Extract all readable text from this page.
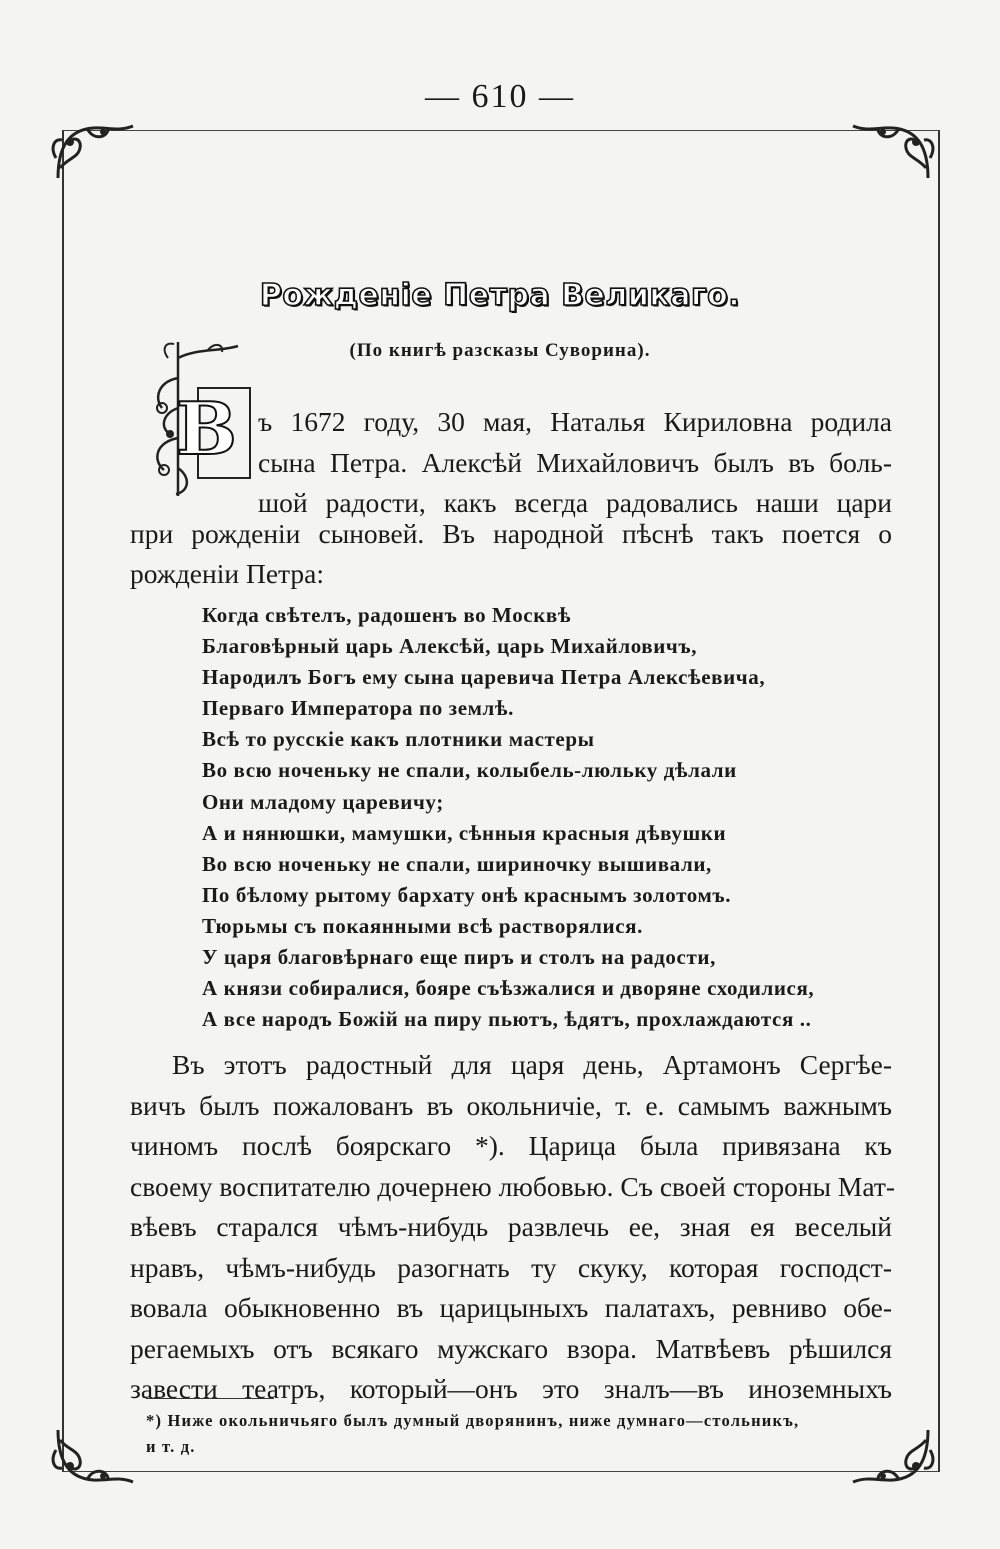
— 610 —
Рожденіе Петра Великаго.
(По книгѣ разсказы Суворина).
В ъ 1672 году, 30 мая, Наталья Кириловна родила
сына Петра. Алексѣй Михайловичъ былъ въ боль-
шой радости, какъ всегда радовались наши цари
при рожденіи сыновей. Въ народной пѣснѣ такъ поется о
рожденіи Петра:
Когда свѣтелъ, радошенъ во Москвѣ
Благовѣрный царь Алексѣй, царь Михайловичъ,
Народилъ Богъ ему сына царевича Петра Алексѣевича,
Перваго Императора по землѣ.
Всѣ то русскіе какъ плотники мастеры
Во всю ноченьку не спали, колыбель-люльку дѣлали
Они младому царевичу;
А и нянюшки, мамушки, сѣнныя красныя дѣвушки
Во всю ноченьку не спали, шириночку вышивали,
По бѣлому рытому бархату онѣ краснымъ золотомъ.
Тюрьмы съ покаянными всѣ растворялися.
У царя благовѣрнаго еще пиръ и столъ на радости,
А князи собиралися, бояре съѣзжалися и дворяне сходилися,
А все народъ Божій на пиру пьютъ, ѣдятъ, прохлаждаются ..
Въ этотъ радостный для царя день, Артамонъ Сергѣе-
вичъ былъ пожалованъ въ окольничіе, т. е. самымъ важнымъ
чиномъ послѣ боярскаго *). Царица была привязана къ
своему воспитателю дочернею любовью. Съ своей стороны Мат-
вѣевъ старался чѣмъ-нибудь развлечь ее, зная ея веселый
нравъ, чѣмъ-нибудь разогнать ту скуку, которая господст-
вовала обыкновенно въ царицыныхъ палатахъ, ревниво обе-
регаемыхъ отъ всякаго мужскаго взора. Матвѣевъ рѣшился
завести театръ, который—онъ это зналъ—въ иноземныхъ
*) Ниже окольничьяго былъ думный дворянинъ, ниже думнаго—стольникъ,
и т. д.
